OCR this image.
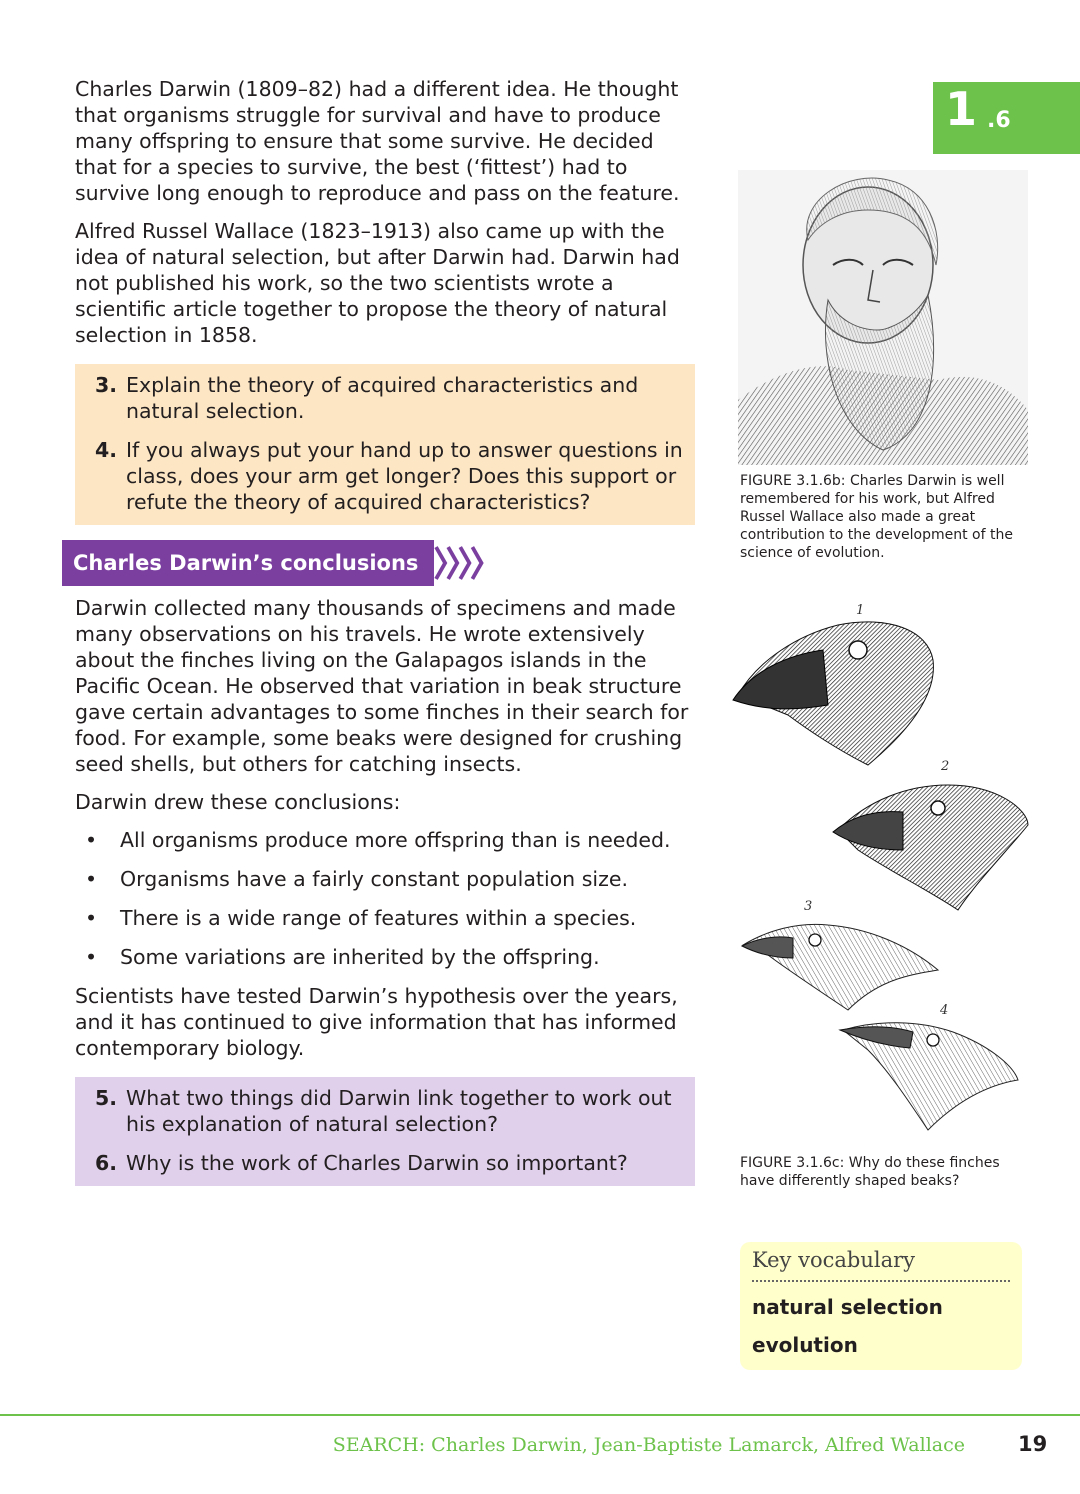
1 .6

Charles Darwin (1809–82) had a different idea. He thought that organisms struggle for survival and have to produce many offspring to ensure that some survive. He decided that for a species to survive, the best (‘fittest’) had to survive long enough to reproduce and pass on the feature.

Alfred Russel Wallace (1823–1913) also came up with the idea of natural selection, but after Darwin had. Darwin had not published his work, so the two scientists wrote a scientific article together to propose the theory of natural selection in 1858.

3. Explain the theory of acquired characteristics and natural selection.
4. If you always put your hand up to answer questions in class, does your arm get longer? Does this support or refute the theory of acquired characteristics?

Darwin collected many thousands of specimens and made many observations on his travels. He wrote extensively about the finches living on the Galapagos islands in the Pacific Ocean. He observed that variation in beak structure gave certain advantages to some finches in their search for food. For example, some beaks were designed for crushing seed shells, but others for catching insects.

Darwin drew these conclusions:

•	All organisms produce more offspring than is needed.
•	Organisms have a fairly constant population size.
•	There is a wide range of features within a species.
•	Some variations are inherited by the offspring.

Scientists have tested Darwin’s hypothesis over the years, and it has continued to give information that has informed contemporary biology.

5. What two things did Darwin link together to work out his explanation of natural selection?
6. Why is the work of Charles Darwin so important?
Charles Darwin’s conclusions
FIGURE 3.1.6b: Charles Darwin is well remembered for his work, but Alfred Russel Wallace also made a great contribution to the development of the science of evolution.
1
2
3
4
FIGURE 3.1.6c: Why do these finches have differently shaped beaks?
Key vocabulary
natural selection
evolution
SEARCH: Charles Darwin, Jean-Baptiste Lamarck, Alfred Wallace	19
